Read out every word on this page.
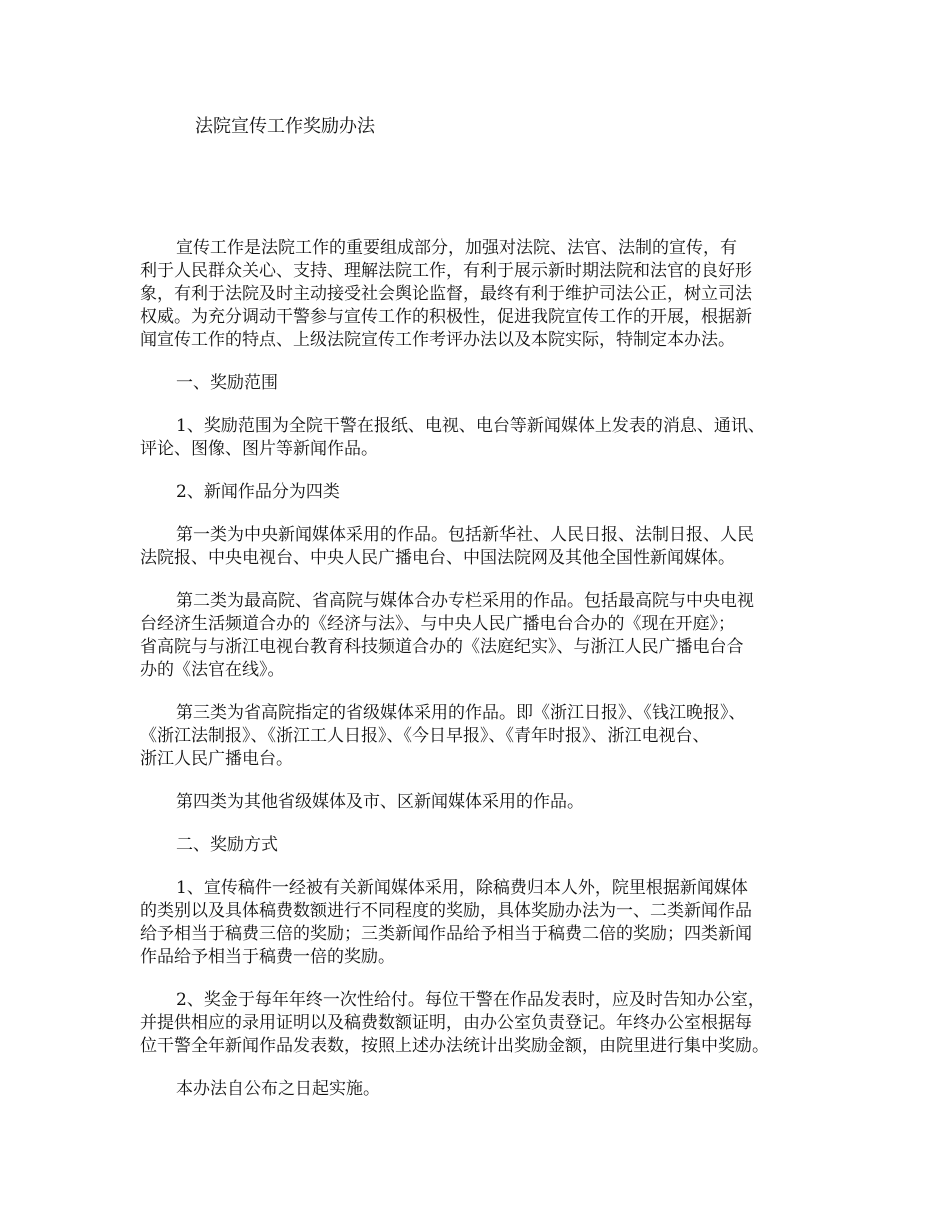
法院宣传工作奖励办法

宣传工作是法院工作的重要组成部分，加强对法院、法官、法制的宣传，有
利于人民群众关心、支持、理解法院工作，有利于展示新时期法院和法官的良好形
象，有利于法院及时主动接受社会舆论监督，最终有利于维护司法公正，树立司法
权威。为充分调动干警参与宣传工作的积极性，促进我院宣传工作的开展，根据新
闻宣传工作的特点、上级法院宣传工作考评办法以及本院实际，特制定本办法。

一、奖励范围

1、奖励范围为全院干警在报纸、电视、电台等新闻媒体上发表的消息、通讯、
评论、图像、图片等新闻作品。

2、新闻作品分为四类

第一类为中央新闻媒体采用的作品。包括新华社、人民日报、法制日报、人民
法院报、中央电视台、中央人民广播电台、中国法院网及其他全国性新闻媒体。

第二类为最高院、省高院与媒体合办专栏采用的作品。包括最高院与中央电视
台经济生活频道合办的《经济与法》、与中央人民广播电台合办的《现在开庭》；
省高院与与浙江电视台教育科技频道合办的《法庭纪实》、与浙江人民广播电台合
办的《法官在线》。

第三类为省高院指定的省级媒体采用的作品。即《浙江日报》、《钱江晚报》、
《浙江法制报》、《浙江工人日报》、《今日早报》、《青年时报》、浙江电视台、
浙江人民广播电台。

第四类为其他省级媒体及市、区新闻媒体采用的作品。

二、奖励方式

1、宣传稿件一经被有关新闻媒体采用，除稿费归本人外，院里根据新闻媒体
的类别以及具体稿费数额进行不同程度的奖励，具体奖励办法为一、二类新闻作品
给予相当于稿费三倍的奖励；三类新闻作品给予相当于稿费二倍的奖励；四类新闻
作品给予相当于稿费一倍的奖励。

2、奖金于每年年终一次性给付。每位干警在作品发表时，应及时告知办公室，
并提供相应的录用证明以及稿费数额证明，由办公室负责登记。年终办公室根据每
位干警全年新闻作品发表数，按照上述办法统计出奖励金额，由院里进行集中奖励。

本办法自公布之日起实施。
